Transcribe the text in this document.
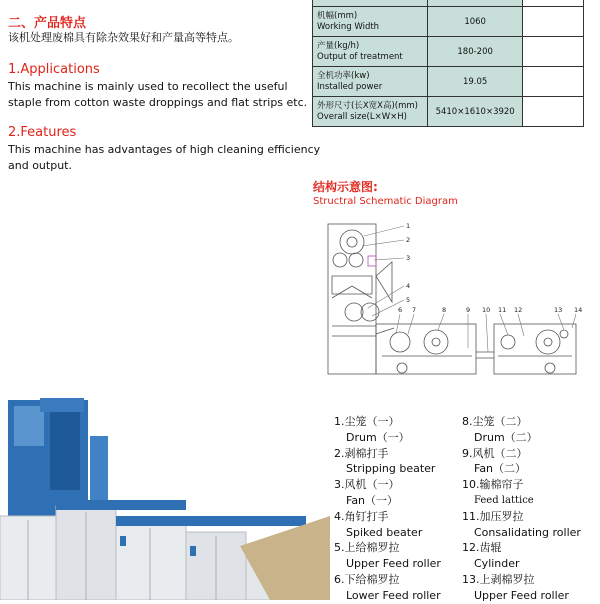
二、产品特点
该机处理废棉具有除杂效果好和产量高等特点。
1.Applications
This machine is mainly used to recollect the useful
staple from cotton waste droppings and flat strips etc.
2.Features
This machine has advantages of high cleaning efficiency
and output.

机幅(mm)
Working Width	1060	

产量(kg/h)
Output of treatment	180-200	

全机功率(kw)
Installed power	19.05	

外形尺寸(长X宽X高)(mm)
Overall size(L×W×H)	5410×1610×3920	
结构示意图:
Structral Schematic Diagram
1
2
3
4
5
6 7	8	9 10 11 12	13 14
1.尘笼（一）
Drum（一）
2.剥棉打手
Stripping beater
3.风机（一）
Fan（一）
4.角钉打手
Spiked beater
5.上给棉罗拉
Upper Feed roller
6.下给棉罗拉
Lower Feed roller
8.尘笼（二）
Drum（二）
9.风机（二）
Fan（二）
10.输棉帘子
Feed lattice
11.加压罗拉
Consalidating roller
12.齿辊
Cylinder
13.上剥棉罗拉
Upper Feed roller
